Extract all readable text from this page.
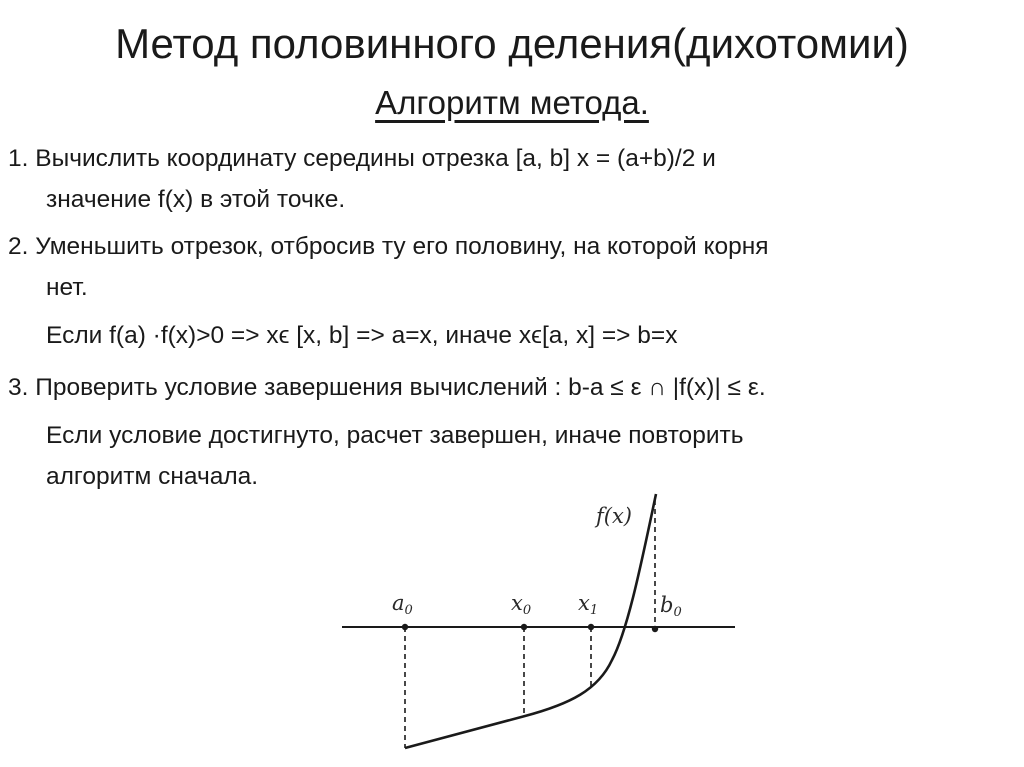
Метод половинного деления(дихотомии)
Алгоритм метода.
1. Вычислить координату середины отрезка [a, b] x = (a+b)/2 и
значение f(x) в этой точке.
2. Уменьшить отрезок, отбросив ту его половину, на которой корня
нет.
Если f(a) ·f(x)>0 => xϵ [x, b] => a=x, иначе xϵ[a, x] => b=x
3. Проверить условие завершения вычислений : b-a ≤ ε ∩ |f(x)| ≤ ε.
Если условие достигнуто, расчет завершен, иначе повторить
алгоритм сначала.
f(x)
a0	x0 x1	b0
